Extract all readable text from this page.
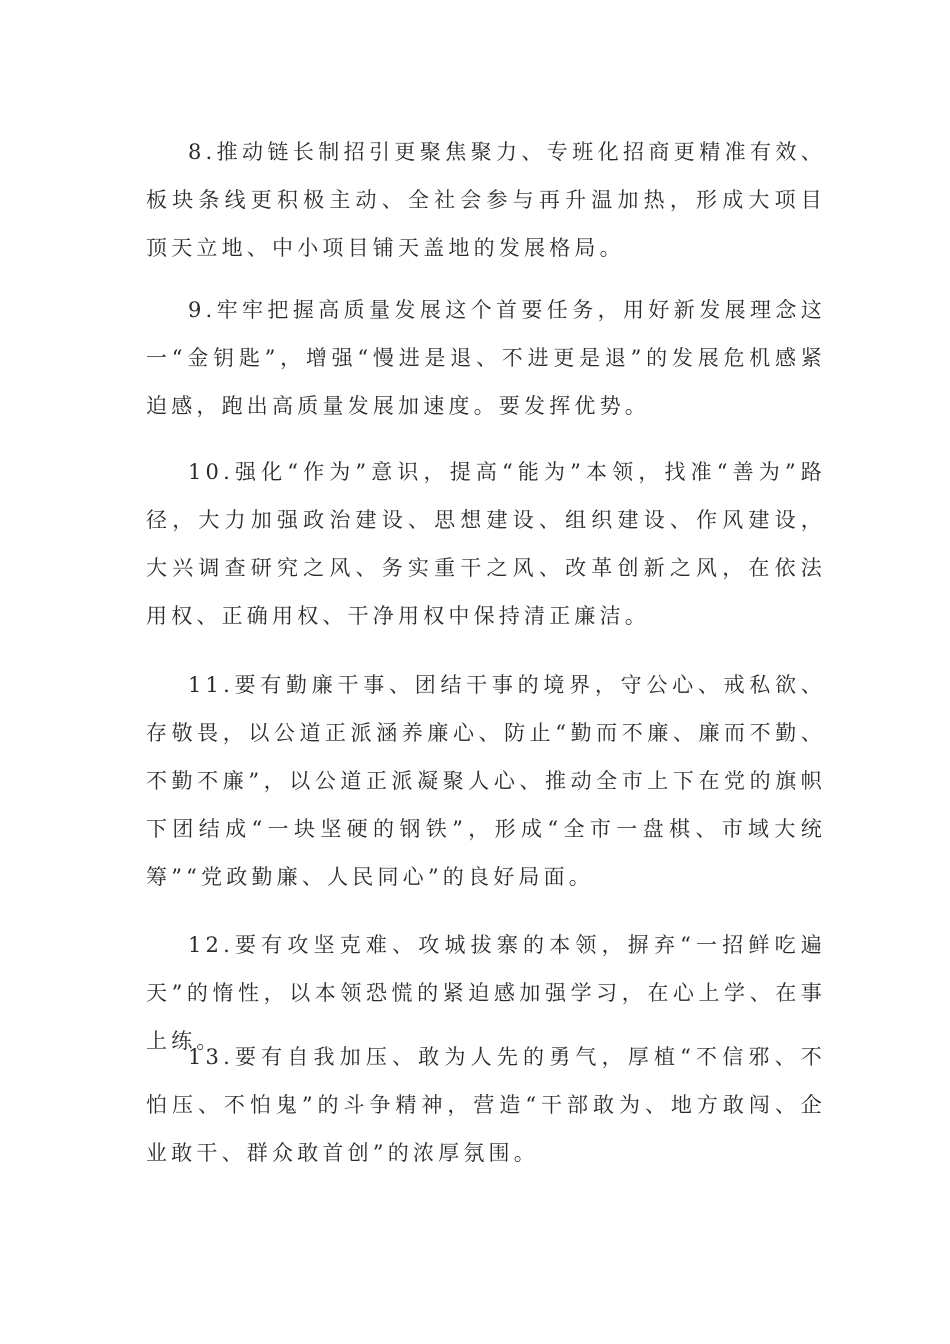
8.推动链长制招引更聚焦聚力、专班化招商更精准有效、板块条线更积极主动、全社会参与再升温加热，形成大项目顶天立地、中小项目铺天盖地的发展格局。

9.牢牢把握高质量发展这个首要任务，用好新发展理念这一“金钥匙”，增强“慢进是退、不进更是退”的发展危机感紧迫感，跑出高质量发展加速度。要发挥优势。

10.强化“作为”意识，提高“能为”本领，找准“善为”路径，大力加强政治建设、思想建设、组织建设、作风建设，大兴调查研究之风、务实重干之风、改革创新之风，在依法用权、正确用权、干净用权中保持清正廉洁。

11.要有勤廉干事、团结干事的境界，守公心、戒私欲、存敬畏，以公道正派涵养廉心、防止“勤而不廉、廉而不勤、不勤不廉”，以公道正派凝聚人心、推动全市上下在党的旗帜下团结成“一块坚硬的钢铁”，形成“全市一盘棋、市域大统筹”“党政勤廉、人民同心”的良好局面。

12.要有攻坚克难、攻城拔寨的本领，摒弃“一招鲜吃遍天”的惰性，以本领恐慌的紧迫感加强学习，在心上学、在事上练。

13.要有自我加压、敢为人先的勇气，厚植“不信邪、不怕压、不怕鬼”的斗争精神，营造“干部敢为、地方敢闯、企业敢干、群众敢首创”的浓厚氛围。
